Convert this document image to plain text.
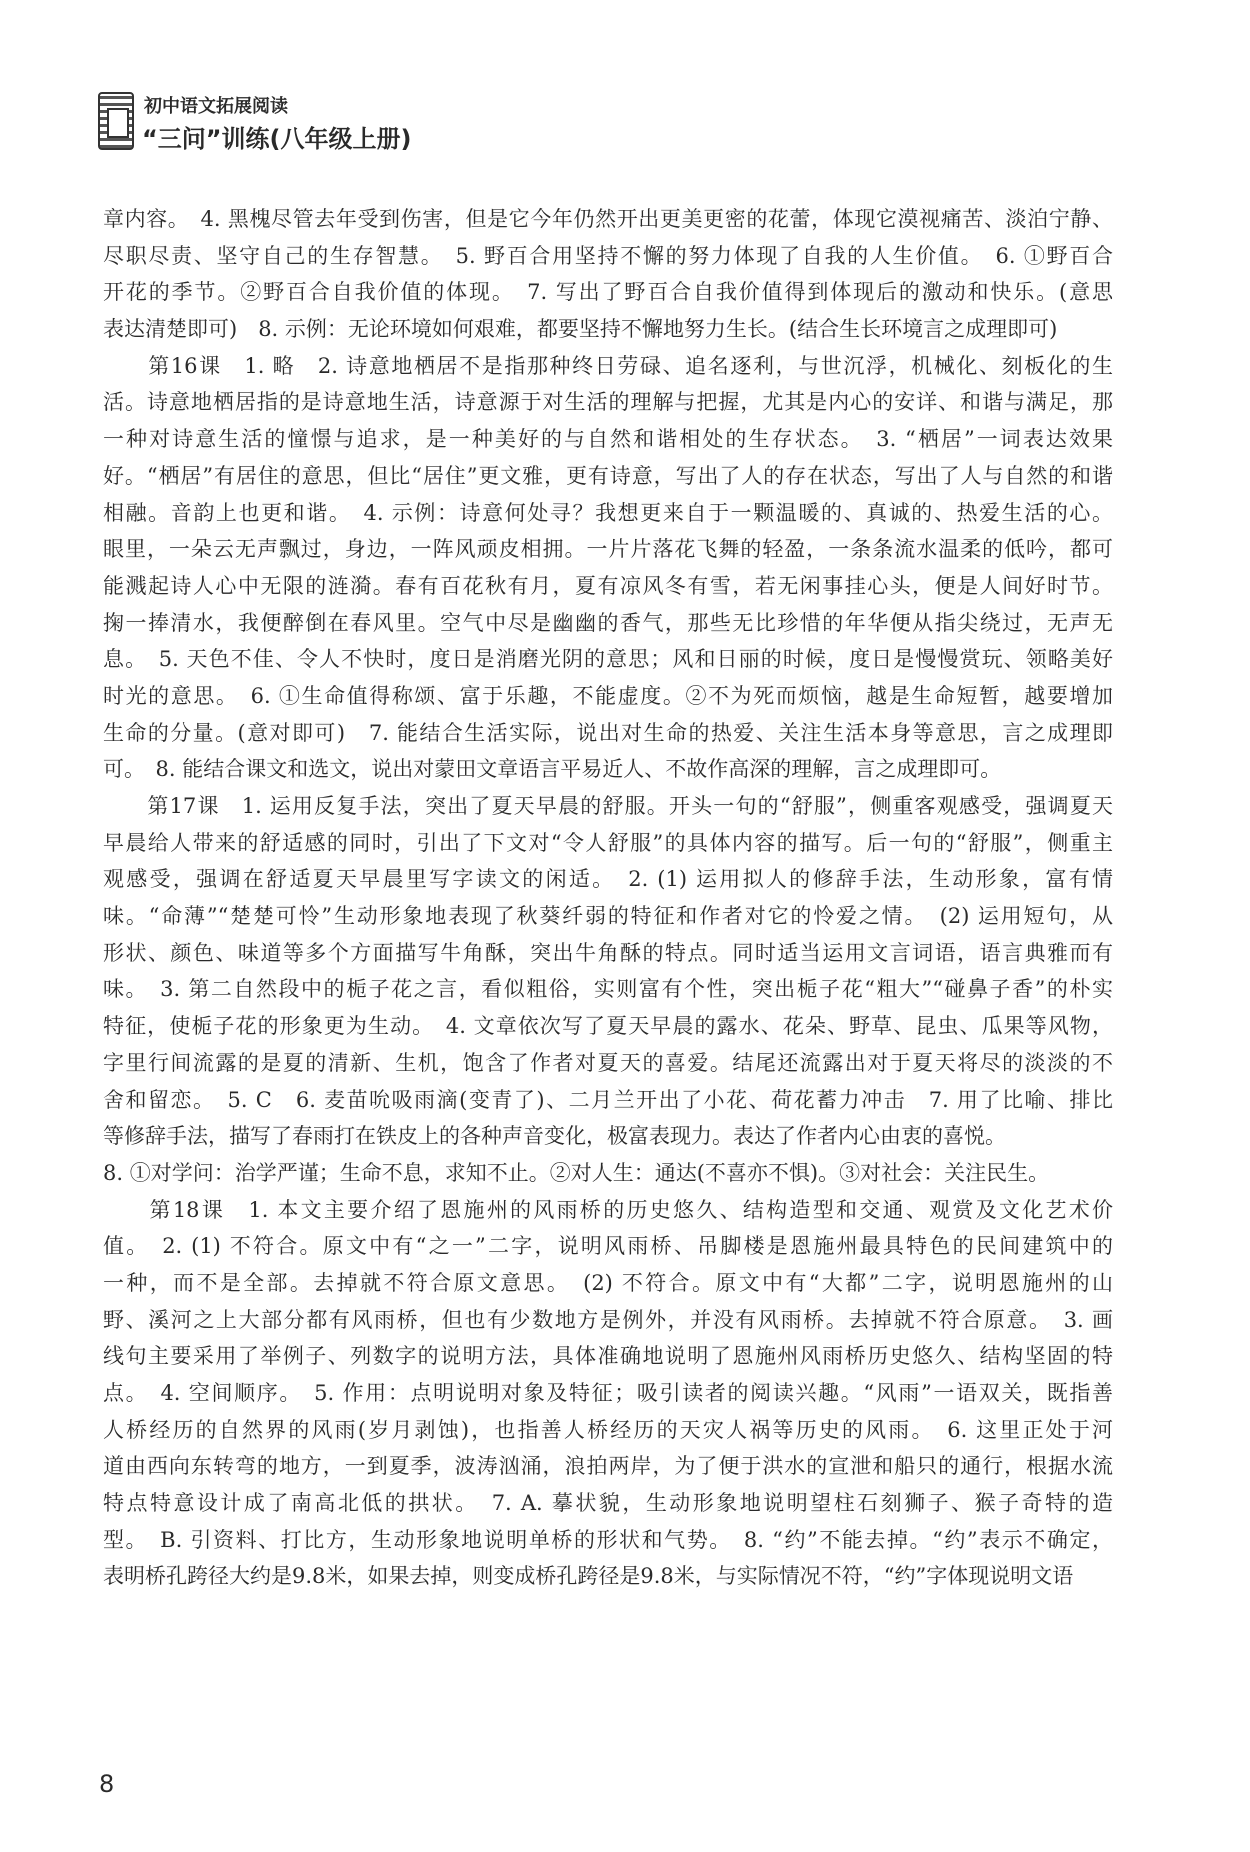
初中语文拓展阅读
“三问”训练(八年级上册)
章内容。　4. 黑槐尽管去年受到伤害，但是它今年仍然开出更美更密的花蕾，体现它漠视痛苦、淡泊宁静、
尽职尽责、坚守自己的生存智慧。　5. 野百合用坚持不懈的努力体现了自我的人生价值。　6. ①野百合
开花的季节。②野百合自我价值的体现。　7. 写出了野百合自我价值得到体现后的激动和快乐。(意思
表达清楚即可)　8. 示例：无论环境如何艰难，都要坚持不懈地努力生长。(结合生长环境言之成理即可)
　　第16课　1. 略　2. 诗意地栖居不是指那种终日劳碌、追名逐利，与世沉浮，机械化、刻板化的生
活。诗意地栖居指的是诗意地生活，诗意源于对生活的理解与把握，尤其是内心的安详、和谐与满足，那
一种对诗意生活的憧憬与追求，是一种美好的与自然和谐相处的生存状态。　3. “栖居”一词表达效果
好。“栖居”有居住的意思，但比“居住”更文雅，更有诗意，写出了人的存在状态，写出了人与自然的和谐
相融。音韵上也更和谐。　4. 示例：诗意何处寻？我想更来自于一颗温暖的、真诚的、热爱生活的心。
眼里，一朵云无声飘过，身边，一阵风顽皮相拥。一片片落花飞舞的轻盈，一条条流水温柔的低吟，都可
能溅起诗人心中无限的涟漪。春有百花秋有月，夏有凉风冬有雪，若无闲事挂心头，便是人间好时节。
掬一捧清水，我便醉倒在春风里。空气中尽是幽幽的香气，那些无比珍惜的年华便从指尖绕过，无声无
息。　5. 天色不佳、令人不快时，度日是消磨光阴的意思；风和日丽的时候，度日是慢慢赏玩、领略美好
时光的意思。　6. ①生命值得称颂、富于乐趣，不能虚度。②不为死而烦恼，越是生命短暂，越要增加
生命的分量。(意对即可)　7. 能结合生活实际，说出对生命的热爱、关注生活本身等意思，言之成理即
可。　8. 能结合课文和选文，说出对蒙田文章语言平易近人、不故作高深的理解，言之成理即可。
　　第17课　1. 运用反复手法，突出了夏天早晨的舒服。开头一句的“舒服”，侧重客观感受，强调夏天
早晨给人带来的舒适感的同时，引出了下文对“令人舒服”的具体内容的描写。后一句的“舒服”，侧重主
观感受，强调在舒适夏天早晨里写字读文的闲适。　2. (1) 运用拟人的修辞手法，生动形象，富有情
味。“命薄”“楚楚可怜”生动形象地表现了秋葵纤弱的特征和作者对它的怜爱之情。　(2) 运用短句，从
形状、颜色、味道等多个方面描写牛角酥，突出牛角酥的特点。同时适当运用文言词语，语言典雅而有
味。　3. 第二自然段中的栀子花之言，看似粗俗，实则富有个性，突出栀子花“粗大”“碰鼻子香”的朴实
特征，使栀子花的形象更为生动。　4. 文章依次写了夏天早晨的露水、花朵、野草、昆虫、瓜果等风物，
字里行间流露的是夏的清新、生机，饱含了作者对夏天的喜爱。结尾还流露出对于夏天将尽的淡淡的不
舍和留恋。　5. C　6. 麦苗吮吸雨滴(变青了)、二月兰开出了小花、荷花蓄力冲击　7. 用了比喻、排比
等修辞手法，描写了春雨打在铁皮上的各种声音变化，极富表现力。表达了作者内心由衷的喜悦。
8. ①对学问：治学严谨；生命不息，求知不止。②对人生：通达(不喜亦不惧)。③对社会：关注民生。
　　第18课　1. 本文主要介绍了恩施州的风雨桥的历史悠久、结构造型和交通、观赏及文化艺术价
值。　2. (1) 不符合。原文中有“之一”二字，说明风雨桥、吊脚楼是恩施州最具特色的民间建筑中的
一种，而不是全部。去掉就不符合原文意思。　(2) 不符合。原文中有“大都”二字，说明恩施州的山
野、溪河之上大部分都有风雨桥，但也有少数地方是例外，并没有风雨桥。去掉就不符合原意。　3. 画
线句主要采用了举例子、列数字的说明方法，具体准确地说明了恩施州风雨桥历史悠久、结构坚固的特
点。　4. 空间顺序。　5. 作用：点明说明对象及特征；吸引读者的阅读兴趣。“风雨”一语双关，既指善
人桥经历的自然界的风雨(岁月剥蚀)，也指善人桥经历的天灾人祸等历史的风雨。　6. 这里正处于河
道由西向东转弯的地方，一到夏季，波涛汹涌，浪拍两岸，为了便于洪水的宣泄和船只的通行，根据水流
特点特意设计成了南高北低的拱状。　7. A. 摹状貌，生动形象地说明望柱石刻狮子、猴子奇特的造
型。　B. 引资料、打比方，生动形象地说明单桥的形状和气势。　8. “约”不能去掉。“约”表示不确定，
表明桥孔跨径大约是9.8米，如果去掉，则变成桥孔跨径是9.8米，与实际情况不符，“约”字体现说明文语
8
